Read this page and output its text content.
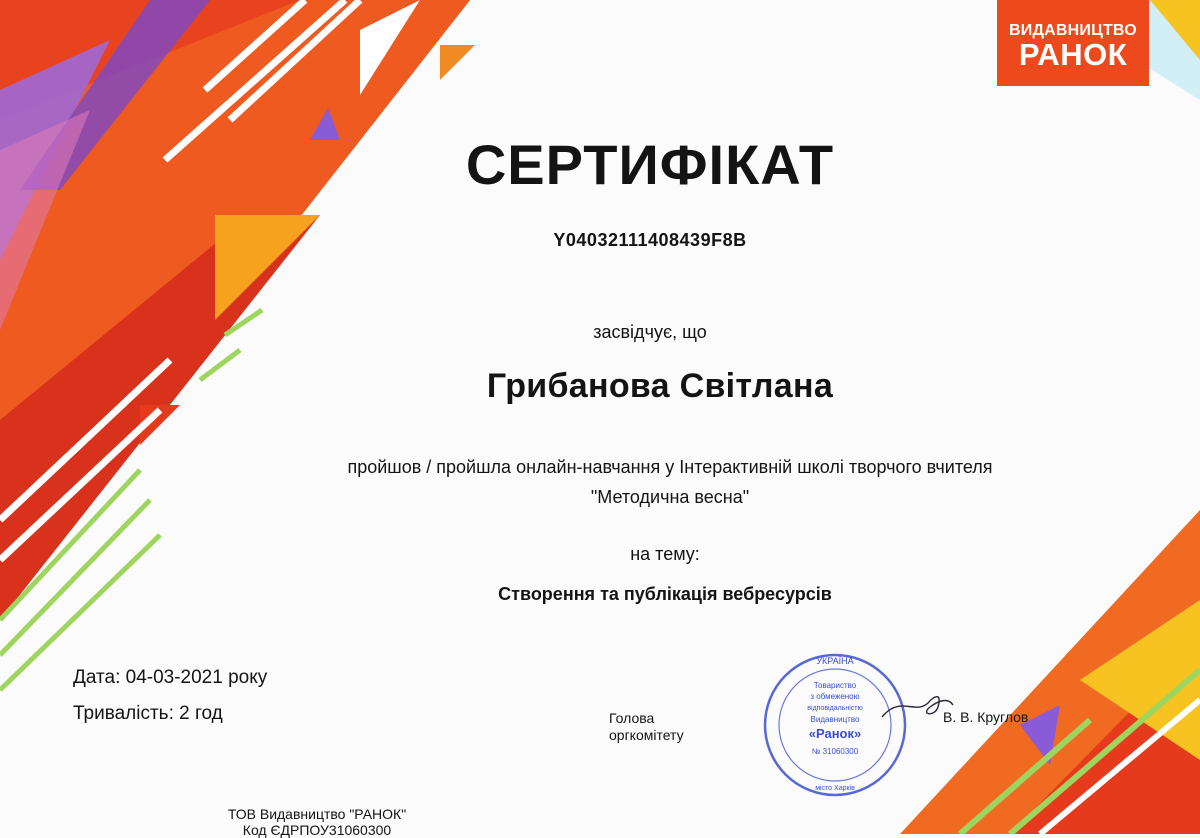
ВИДАВНИЦТВО
РАНОК
СЕРТИФІКАТ
Y04032111408439F8B
засвідчує, що
Грибанова Світлана
пройшов / пройшла онлайн-навчання у Інтерактивній школі творчого вчителя
"Методична весна"
на тему:
Створення та публікація вебресурсів
Дата: 04-03-2021 року
Тривалість: 2 год	Голова
оргкомітету
УКРАЇНА
Товариство
з обмеженою
відповідальністю
Видавництво
«Ранок»
№ 31060300
місто Харків
В. В. Круглов
ТОВ Видавництво "РАНОК"
Код ЄДРПОУ31060300
